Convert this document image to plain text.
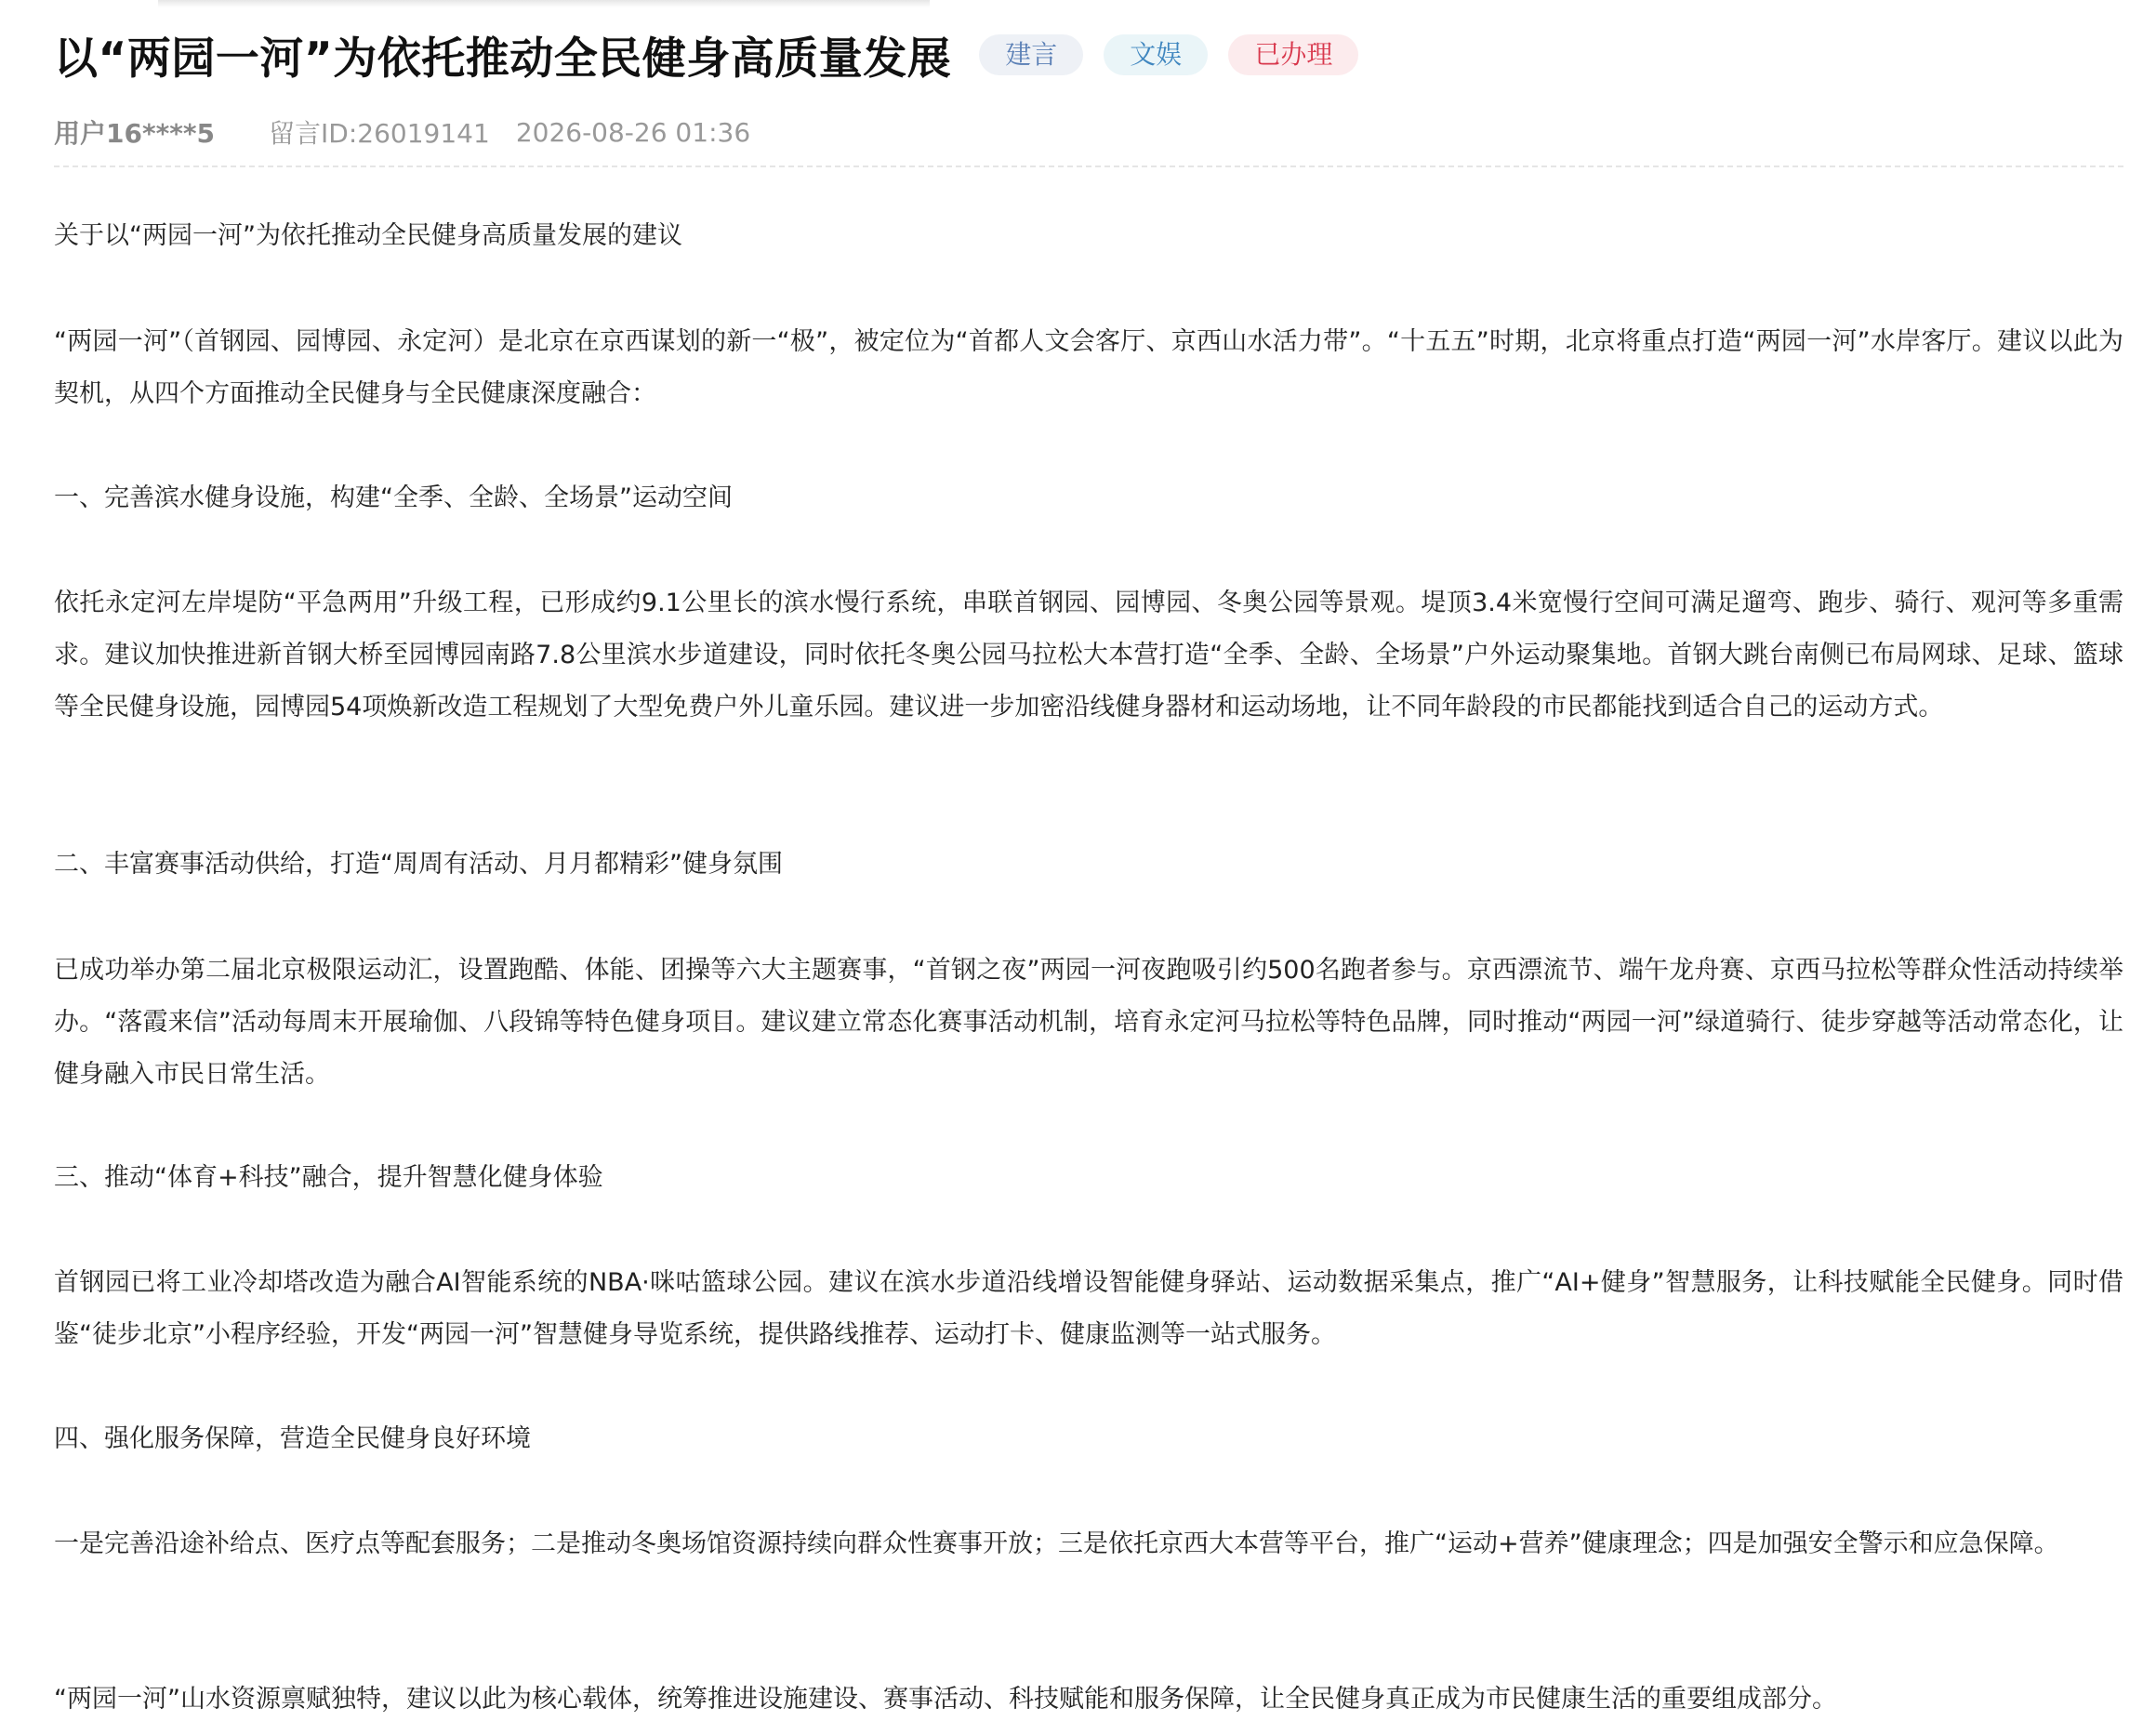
以“两园一河”为依托推动全民健身高质量发展	建言	文娱	已办理
用户16****5 留言ID:26019141 2026-08-26 01:36

关于以“两园一河”为依托推动全民健身高质量发展的建议

“两园一河”（首钢园、园博园、永定河）是北京在京西谋划的新一“极”，被定位为“首都人文会客厅、京西山水活力带”。“十五五”时期，北京将重点打造“两园一河”水岸客厅。建议以此为契机，从四个方面推动全民健身与全民健康深度融合：

一、完善滨水健身设施，构建“全季、全龄、全场景”运动空间

依托永定河左岸堤防“平急两用”升级工程，已形成约9.1公里长的滨水慢行系统，串联首钢园、园博园、冬奥公园等景观。堤顶3.4米宽慢行空间可满足遛弯、跑步、骑行、观河等多重需求。建议加快推进新首钢大桥至园博园南路7.8公里滨水步道建设，同时依托冬奥公园马拉松大本营打造“全季、全龄、全场景”户外运动聚集地。首钢大跳台南侧已布局网球、足球、篮球等全民健身设施，园博园54项焕新改造工程规划了大型免费户外儿童乐园。建议进一步加密沿线健身器材和运动场地，让不同年龄段的市民都能找到适合自己的运动方式。

二、丰富赛事活动供给，打造“周周有活动、月月都精彩”健身氛围

已成功举办第二届北京极限运动汇，设置跑酷、体能、团操等六大主题赛事，“首钢之夜”两园一河夜跑吸引约500名跑者参与。京西漂流节、端午龙舟赛、京西马拉松等群众性活动持续举办。“落霞来信”活动每周末开展瑜伽、八段锦等特色健身项目。建议建立常态化赛事活动机制，培育永定河马拉松等特色品牌，同时推动“两园一河”绿道骑行、徒步穿越等活动常态化，让健身融入市民日常生活。

三、推动“体育+科技”融合，提升智慧化健身体验

首钢园已将工业冷却塔改造为融合AI智能系统的NBA·咪咕篮球公园。建议在滨水步道沿线增设智能健身驿站、运动数据采集点，推广“AI+健身”智慧服务，让科技赋能全民健身。同时借鉴“徒步北京”小程序经验，开发“两园一河”智慧健身导览系统，提供路线推荐、运动打卡、健康监测等一站式服务。

四、强化服务保障，营造全民健身良好环境

一是完善沿途补给点、医疗点等配套服务；二是推动冬奥场馆资源持续向群众性赛事开放；三是依托京西大本营等平台，推广“运动+营养”健康理念；四是加强安全警示和应急保障。

“两园一河”山水资源禀赋独特，建议以此为核心载体，统筹推进设施建设、赛事活动、科技赋能和服务保障，让全民健身真正成为市民健康生活的重要组成部分。
